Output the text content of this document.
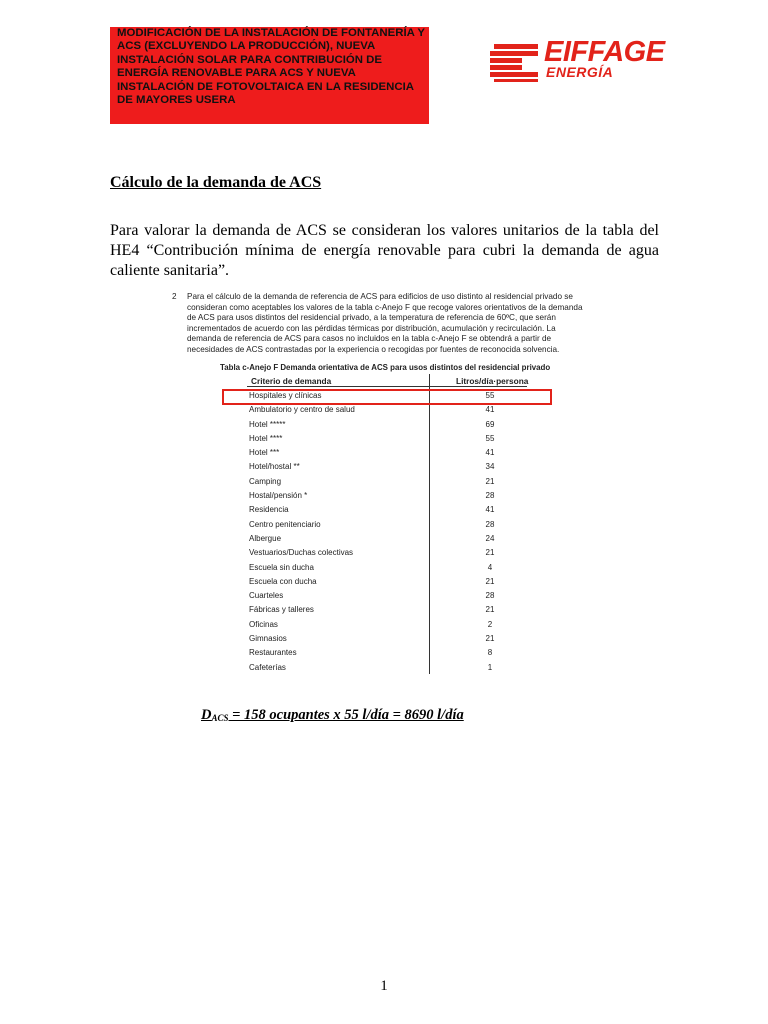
MODIFICACIÓN DE LA INSTALACIÓN DE FONTANERÍA Y ACS (EXCLUYENDO LA PRODUCCIÓN), NUEVA INSTALACIÓN SOLAR PARA CONTRIBUCIÓN DE ENERGÍA RENOVABLE PARA ACS Y NUEVA INSTALACIÓN DE FOTOVOLTAICA EN LA RESIDENCIA DE MAYORES USERA

EIFFAGE
ENERGÍA

Cálculo de la demanda de ACS

Para valorar la demanda de ACS se consideran los valores unitarios de la tabla del HE4 “Contribución mínima de energía renovable para cubri la demanda de agua caliente sanitaria”.

2 Para el cálculo de la demanda de referencia de ACS para edificios de uso distinto al residencial privado se consideran como aceptables los valores de la tabla c-Anejo F que recoge valores orientativos de la demanda de ACS para usos distintos del residencial privado, a la temperatura de referencia de 60ºC, que serán incrementados de acuerdo con las pérdidas térmicas por distribución, acumulación y recirculación. La demanda de referencia de ACS para casos no incluidos en la tabla c-Anejo F se obtendrá a partir de necesidades de ACS contrastadas por la experiencia o recogidas por fuentes de reconocida solvencia.

Tabla c-Anejo F Demanda orientativa de ACS para usos distintos del residencial privado
Criterio de demanda	Litros/día·persona
Hospitales y clínicas	55
Ambulatorio y centro de salud	41
Hotel *****	69
Hotel ****	55
Hotel ***	41
Hotel/hostal **	34
Camping	21
Hostal/pensión *	28
Residencia	41
Centro penitenciario	28
Albergue	24
Vestuarios/Duchas colectivas	21
Escuela sin ducha	4
Escuela con ducha	21
Cuarteles	28
Fábricas y talleres	21
Oficinas	2
Gimnasios	21
Restaurantes	8
Cafeterías	1

$D_{ACS} = 158$ ocupantes x 55 l/día = 8690 l/día

1
